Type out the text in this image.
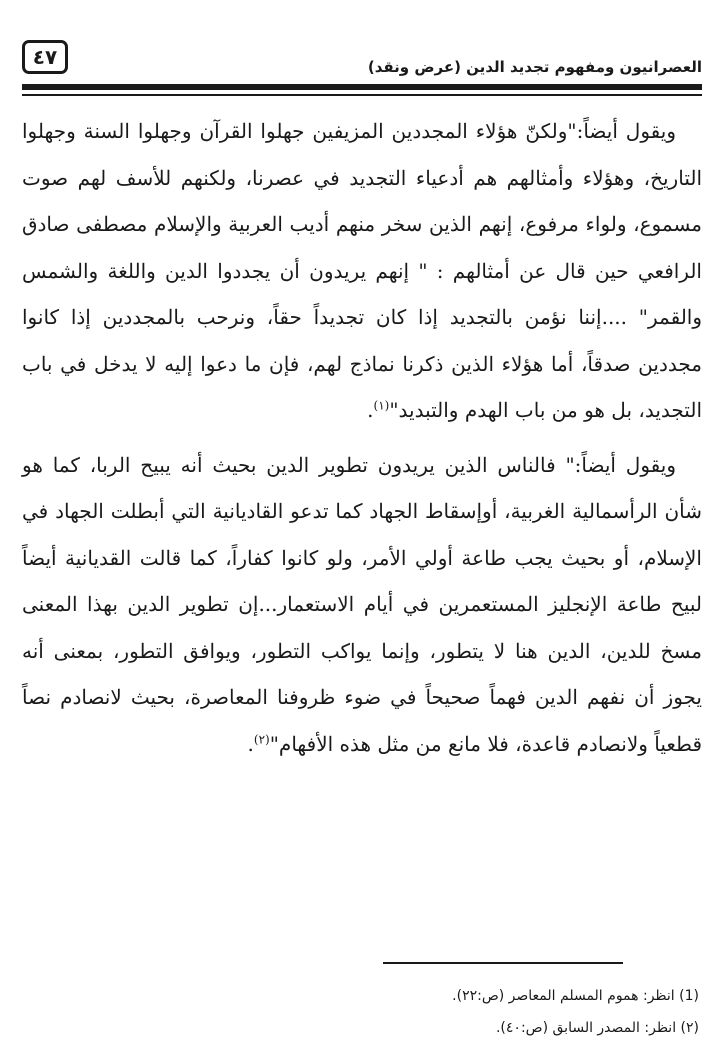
٤٧	العصرانيون ومفهوم تجديد الدين (عرض ونقد)

ويقول أيضاً:"ولكنّ هؤلاء المجددين المزيفين جهلوا القرآن وجهلوا السنة وجهلوا التاريخ، وهؤلاء وأمثالهم هم أدعياء التجديد في عصرنا، ولكنهم للأسف لهم صوت مسموع، ولواء مرفوع، إنهم الذين سخر منهم أديب العربية والإسلام مصطفى صادق الرافعي حين قال عن أمثالهم : " إنهم يريدون أن يجددوا الدين واللغة والشمس والقمر" ....إننا نؤمن بالتجديد إذا كان تجديداً حقاً، ونرحب بالمجددين إذا كانوا مجددين صدقاً، أما هؤلاء الذين ذكرنا نماذج لهم، فإن ما دعوا إليه لا يدخل في باب التجديد، بل هو من باب الهدم والتبديد"$^{(١)}$.

ويقول أيضاً:" فالناس الذين يريدون تطوير الدين بحيث أنه يبيح الربا، كما هو شأن الرأسمالية الغربية، أوإسقاط الجهاد كما تدعو القاديانية التي أبطلت الجهاد في الإسلام، أو بحيث يجب طاعة أولي الأمر، ولو كانوا كفاراً، كما قالت القديانية أيضاً لبيح طاعة الإنجليز المستعمرين في أيام الاستعمار...إن تطوير الدين بهذا المعنى مسخ للدين، الدين هنا لا يتطور، وإنما يواكب التطور، ويوافق التطور، بمعنى أنه يجوز أن نفهم الدين فهماً صحيحاً في ضوء ظروفنا المعاصرة، بحيث لانصادم نصاً قطعياً ولانصادم قاعدة، فلا مانع من مثل هذه الأفهام"$^{(٢)}$.

(1) انظر: هموم المسلم المعاصر (ص:٢٢).

(٢) انظر: المصدر السابق (ص:٤٠).
